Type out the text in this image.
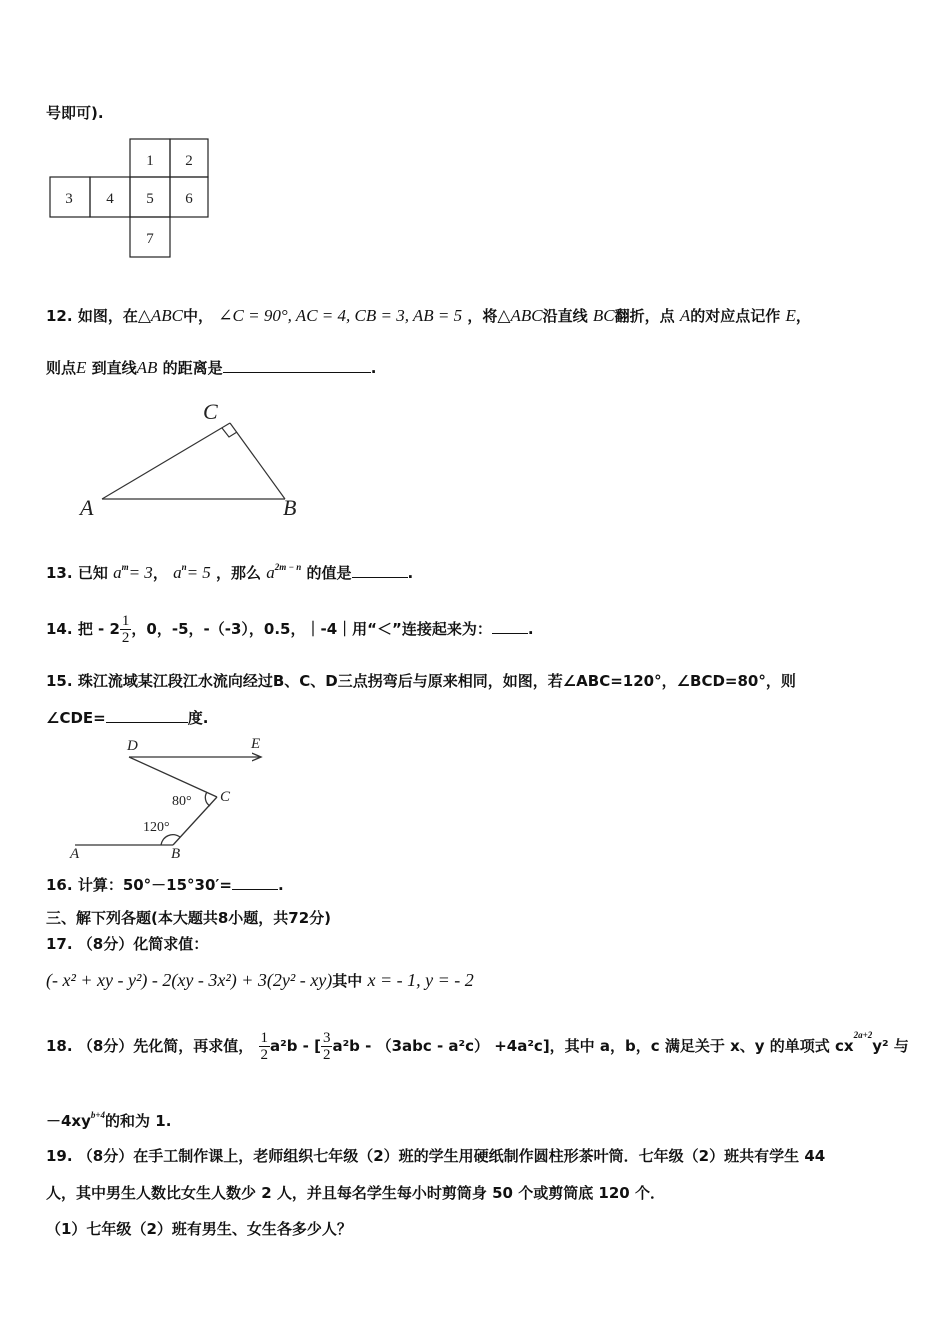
号即可).
1 2
3 4 5 6
7
12. 如图，在△ABC中， ∠C = 90°, AC = 4, CB = 3, AB = 5 ，将△ABC沿直线 BC翻折，点 A的对应点记作 E，
则点E 到直线AB 的距离是	.
C
A	B
13. 已知 $a^m= 3$， $a^n= 5$ ，那么 $a^{2m - n}$ 的值是	.
14. 把 - $2 \frac{1}{2}$ ，0，-5，-（-3），0.5，｜-4｜用“＜”连接起来为： .
15. 珠江流域某江段江水流向经过B、C、D三点拐弯后与原来相同，如图，若∠ABC=120°，∠BCD=80°，则
∠CDE=	度.
D	E
C
A	B
80°
120°
16. 计算：50°－15°30′=	.
三、解下列各题(本大题共8小题，共72分)
17. （8分）化简求值：
(- x² + xy - y²) - 2(xy - 3x²) + 3(2y² - xy)其中 x = - 1, y = - 2
18. （8分）先化简，再求值， $\frac{1}{2} a^2b$ - [ $\frac{3}{2} a^2b - (3abc - a^2c) +4a^2c$]，其中 a，b，c 满足关于 x、y 的单项式 $cx^{2a+2}y^2$ 与
$-4xy^{b+4}$的和为 1.
19. （8分）在手工制作课上，老师组织七年级（2）班的学生用硬纸制作圆柱形茶叶筒．七年级（2）班共有学生 44
人，其中男生人数比女生人数少 2 人，并且每名学生每小时剪筒身 50 个或剪筒底 120 个．
（1）七年级（2）班有男生、女生各多少人？
